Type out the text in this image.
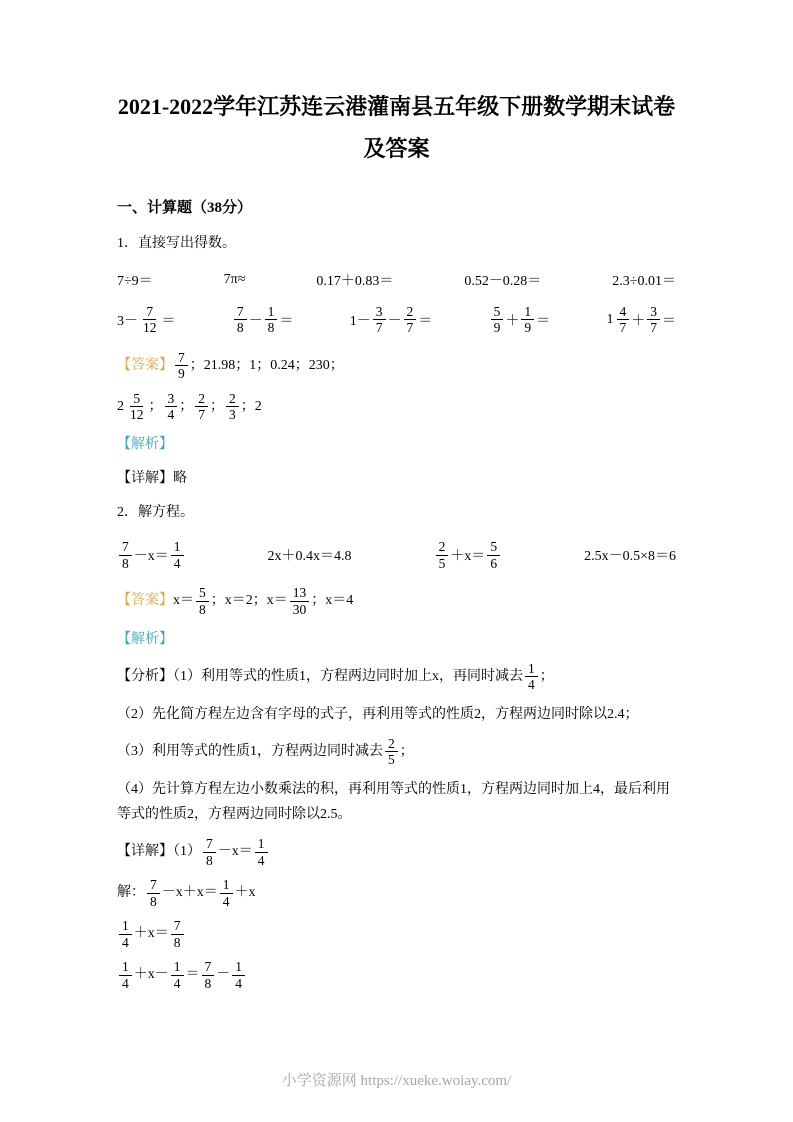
2021-2022学年江苏连云港灌南县五年级下册数学期末试卷
及答案
一、计算题（38分）
1．直接写出得数。
7÷9＝	7π≈	0.17＋0.83＝	0.52－0.28＝	2.3÷0.01＝
$3- \frac{7}{12}$ ＝	$\frac{7}{8} - \frac{1}{8}$ ＝	$1- \frac{3}{7} - \frac{2}{7}$ ＝	$\frac{5}{9} + \frac{1}{9}$ ＝	$1 \frac{4}{7} + \frac{3}{7}$ ＝
【答案】 $\frac{7}{9}$ ；21.98；1；0.24；230；
$2 \frac{5}{12}$ ； $\frac{3}{4}$ ； $\frac{2}{7}$ ； $\frac{2}{3}$ ；2
【解析】
【详解】略
2．解方程。
$\frac{7}{8} -x= \frac{1}{4}$	2x＋0.4x＝4.8	$\frac{2}{5} +x= \frac{5}{6}$	2.5x－0.5×8＝6
【答案】$x= \frac{5}{8}$ ；x＝2；$x= \frac{13}{30}$ ；x＝4
【解析】
【分析】（1）利用等式的性质1，方程两边同时加上x，再同时减去 $\frac{1}{4}$ ；
（2）先化简方程左边含有字母的式子，再利用等式的性质2，方程两边同时除以2.4；
（3）利用等式的性质1，方程两边同时减去 $\frac{2}{5}$ ；
（4）先计算方程左边小数乘法的积，再利用等式的性质1，方程两边同时加上4，最后利用等式的性质2，方程两边同时除以2.5。
【详解】$(1) \frac{7}{8} -x= \frac{1}{4}$
解： $\frac{7}{8} -x+x= \frac{1}{4} +x$
$\frac{1}{4} +x= \frac{7}{8}$
$\frac{1}{4} +x- \frac{1}{4} = \frac{7}{8} - \frac{1}{4}$
小学资源网 https://xueke.woiay.com/
